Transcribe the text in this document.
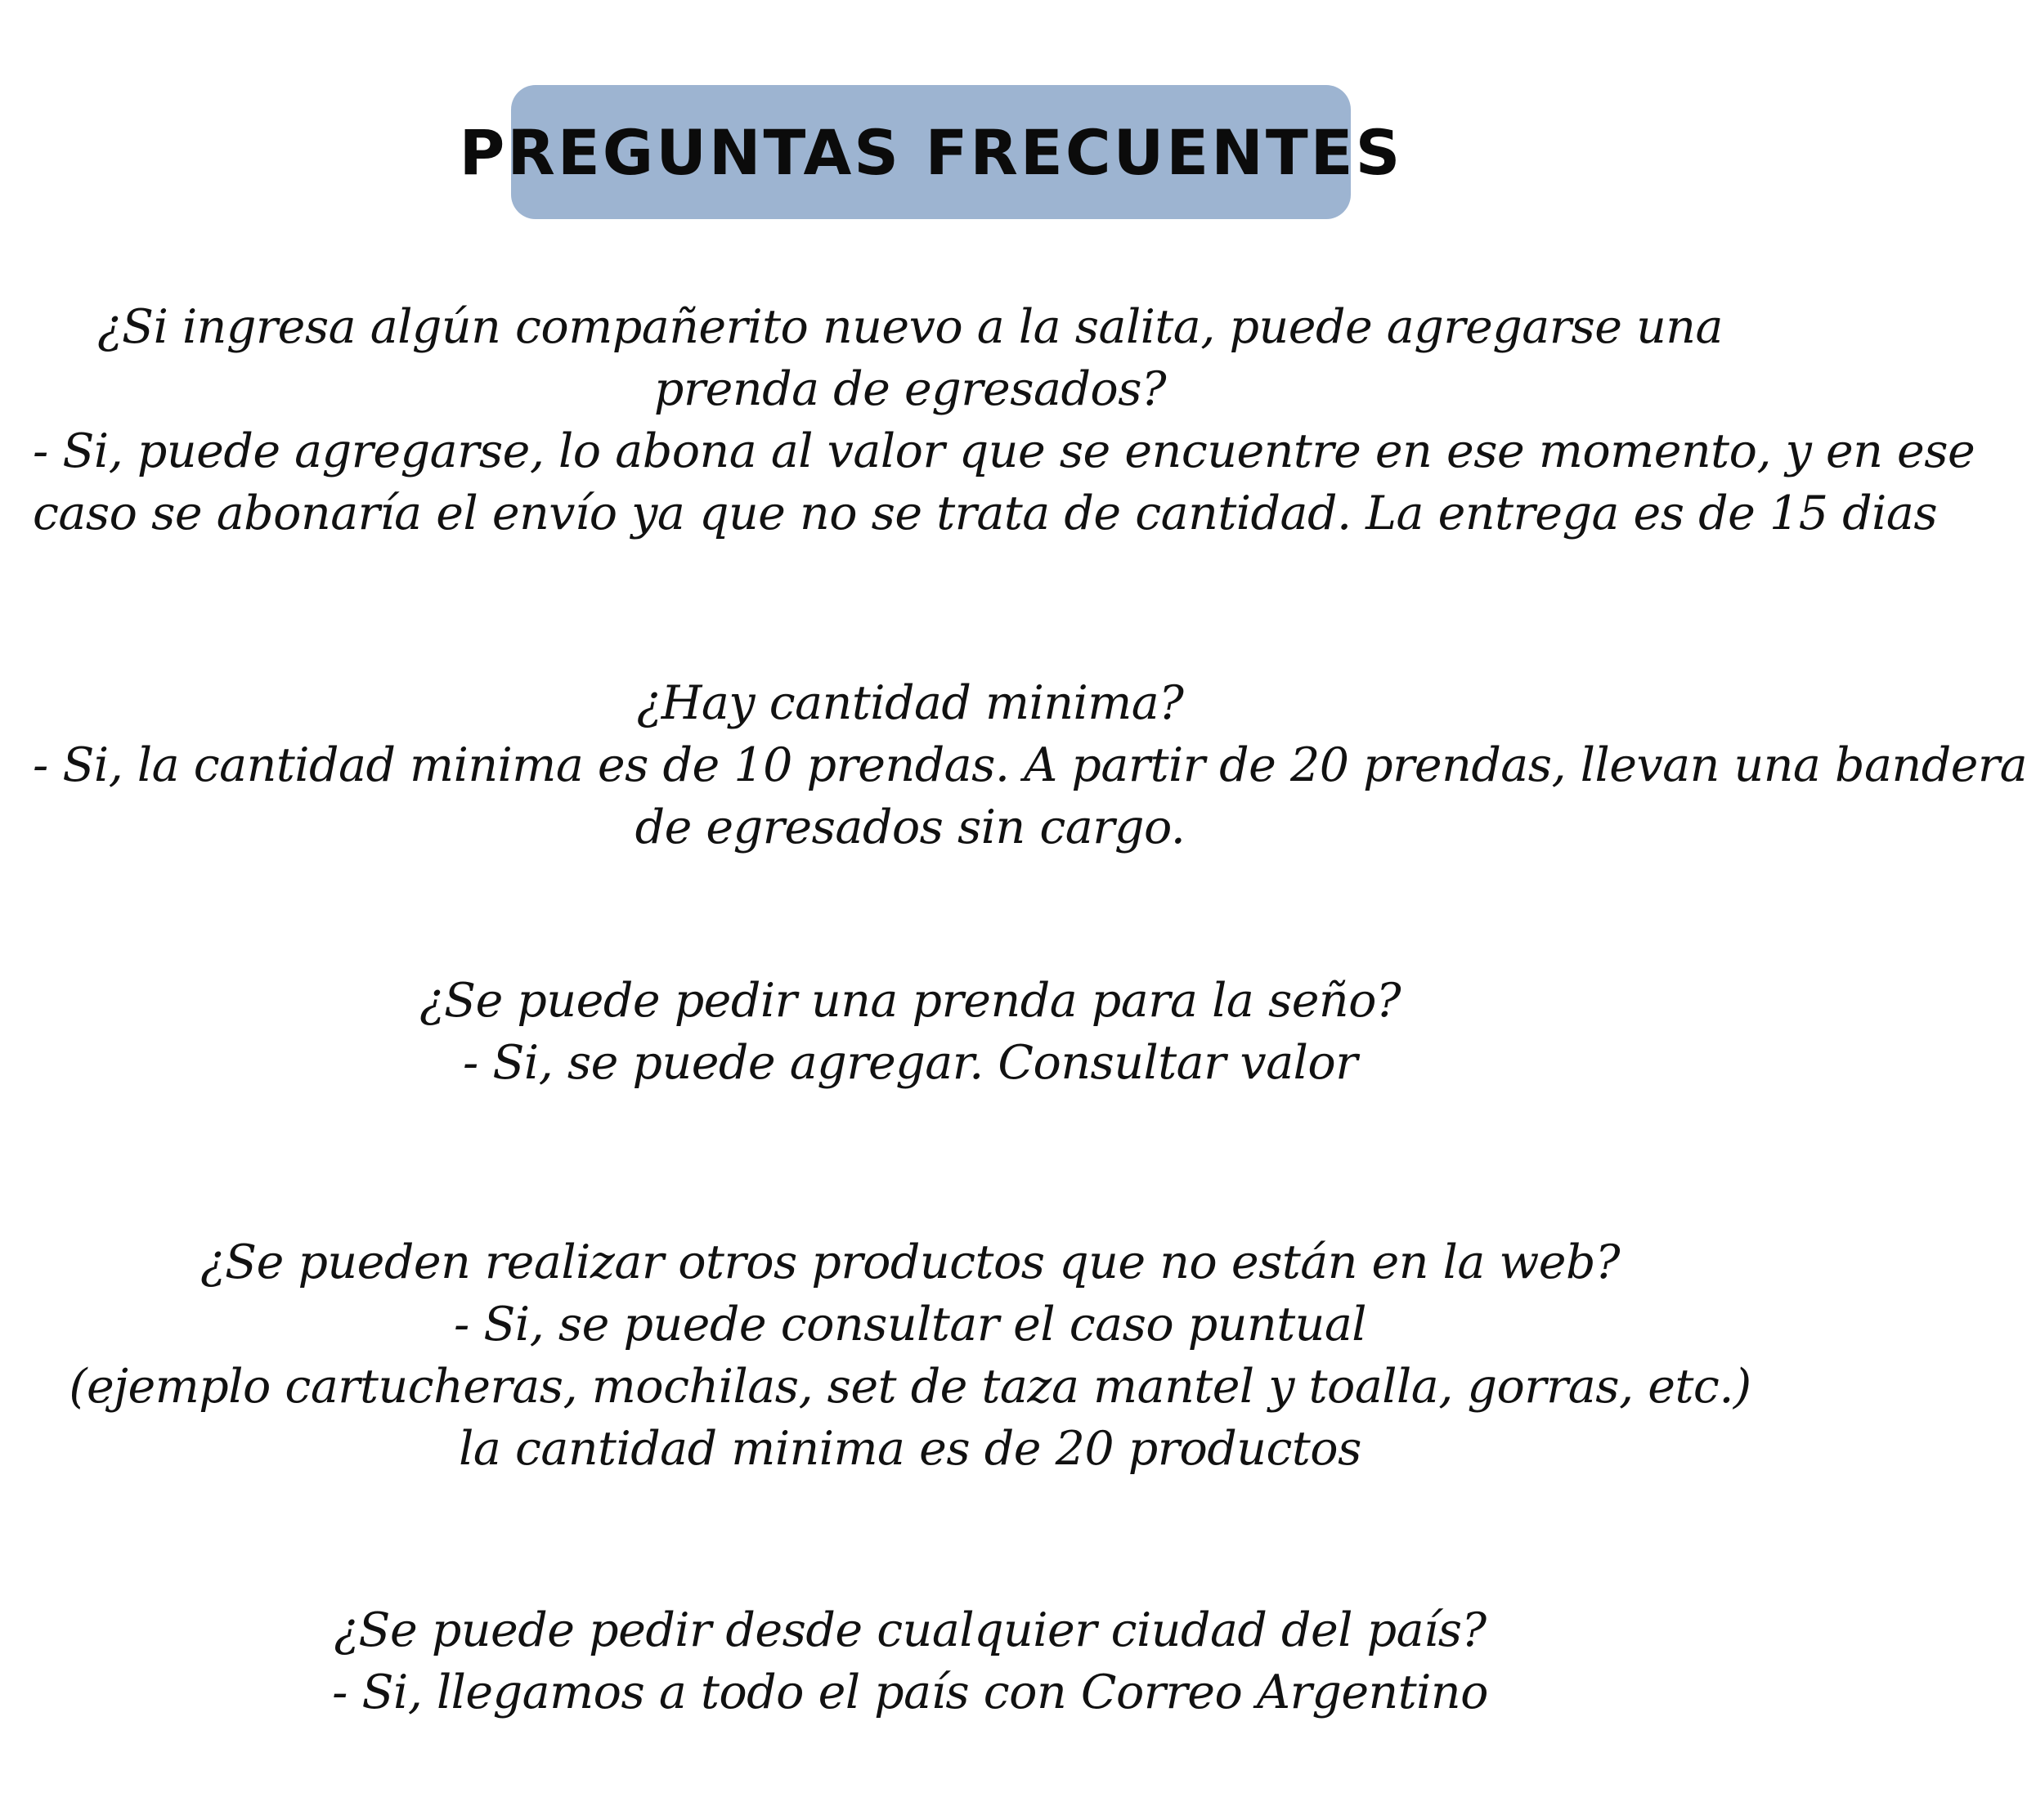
PREGUNTAS FRECUENTES
¿Si ingresa algún compañerito nuevo a la salita, puede agregarse una
prenda de egresados?
- Si, puede agregarse, lo abona al valor que se encuentre en ese momento, y en ese
caso se abonaría el envío ya que no se trata de cantidad. La entrega es de 15 dias
¿Hay cantidad minima?
- Si, la cantidad minima es de 10 prendas. A partir de 20 prendas, llevan una bandera
de egresados sin cargo.
¿Se puede pedir una prenda para la seño?
- Si, se puede agregar. Consultar valor
¿Se pueden realizar otros productos que no están en la web?
- Si, se puede consultar el caso puntual
(ejemplo cartucheras, mochilas, set de taza mantel y toalla, gorras, etc.)
la cantidad minima es de 20 productos
¿Se puede pedir desde cualquier ciudad del país?
- Si, llegamos a todo el país con Correo Argentino
